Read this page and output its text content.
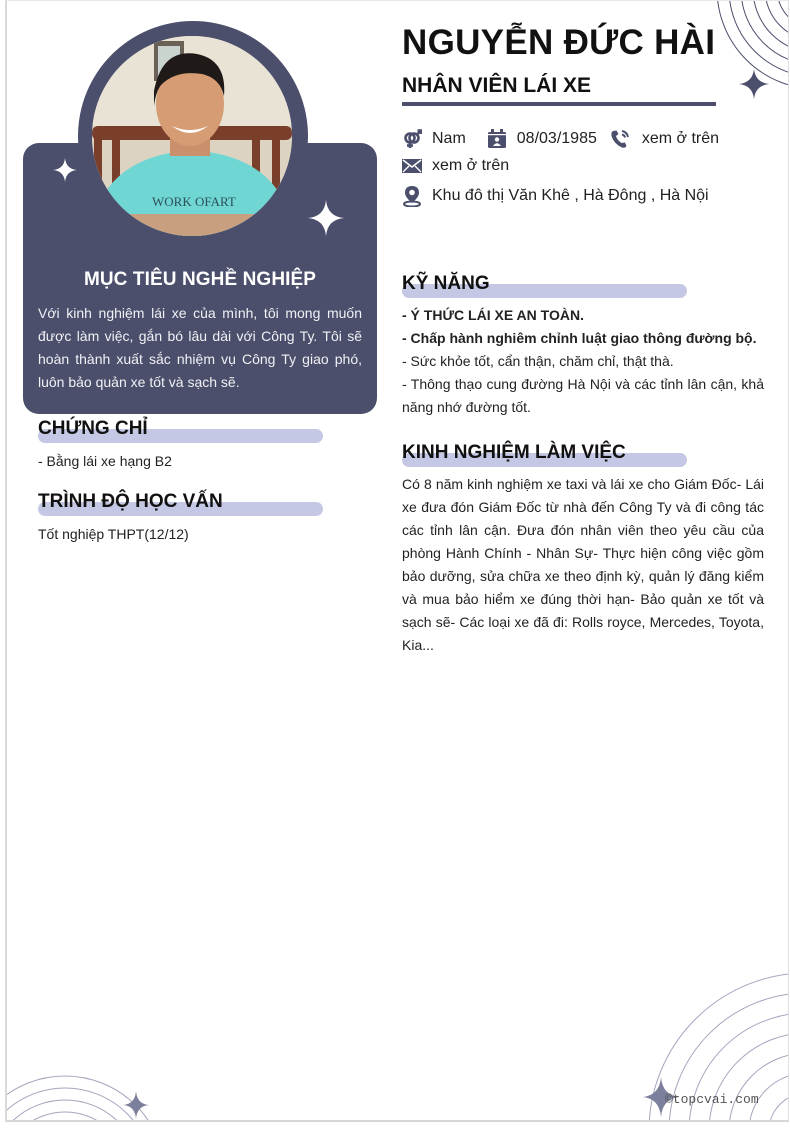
WORK OFART
MỤC TIÊU NGHỀ NGHIỆP
Với kinh nghiệm lái xe của mình, tôi mong muốn được làm việc, gắn bó lâu dài với Công Ty. Tôi sẽ hoàn thành xuất sắc nhiệm vụ Công Ty giao phó, luôn bảo quản xe tốt và sạch sẽ.
CHỨNG CHỈ
- Bằng lái xe hạng B2
TRÌNH ĐỘ HỌC VẤN
Tốt nghiệp THPT(12/12)
NGUYỄN ĐỨC HÀI
NHÂN VIÊN LÁI XE
Nam	08/03/1985	xem ở trên
xem ở trên
Khu đô thị Văn Khê , Hà Đông , Hà Nội
KỸ NĂNG
- Ý THỨC LÁI XE AN TOÀN.
- Chấp hành nghiêm chỉnh luật giao thông đường bộ.
- Sức khỏe tốt, cẩn thận, chăm chỉ, thật thà.
- Thông thạo cung đường Hà Nội và các tỉnh lân cận, khả năng nhớ đường tốt.
KINH NGHIỆM LÀM VIỆC
Có 8 năm kinh nghiệm xe taxi và lái xe cho Giám Đốc- Lái xe đưa đón Giám Đốc từ nhà đến Công Ty và đi công tác các tỉnh lân cận. Đưa đón nhân viên theo yêu cầu của phòng Hành Chính - Nhân Sự- Thực hiện công việc gồm bảo dưỡng, sửa chữa xe theo định kỳ, quản lý đăng kiểm và mua bảo hiểm xe đúng thời hạn- Bảo quản xe tốt và sạch sẽ- Các loại xe đã đi: Rolls royce, Mercedes, Toyota, Kia...
©topcvai.com
